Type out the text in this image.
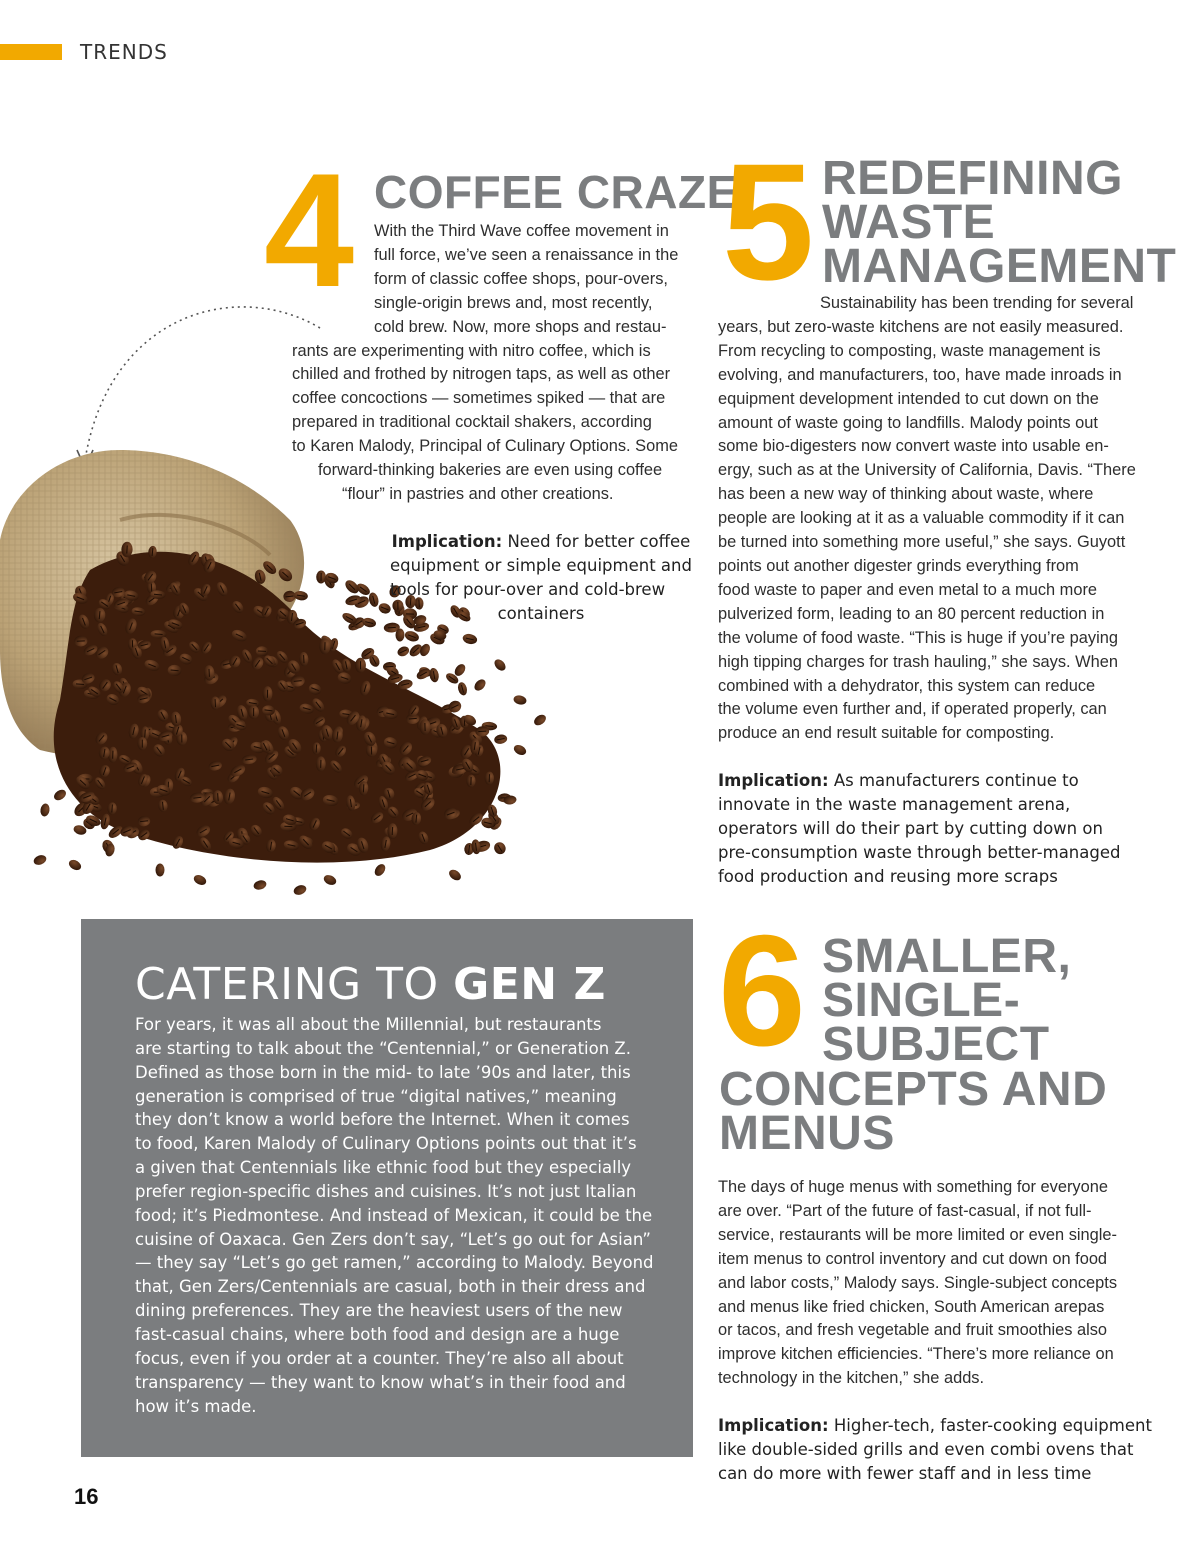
TRENDS
4 COFFEE CRAZE

With the Third Wave coffee movement in

full force, we’ve seen a renaissance in the

form of classic coffee shops, pour-overs,

single-origin brews and, most recently,

cold brew. Now, more shops and restau-

rants are experimenting with nitro coffee, which is

chilled and frothed by nitrogen taps, as well as other

coffee concoctions — sometimes spiked — that are

prepared in traditional cocktail shakers, according

to Karen Malody, Principal of Culinary Options. Some

forward-thinking bakeries are even using coffee

“flour” in pastries and other creations.

Implication: Need for better coffee

equipment or simple equipment and

tools for pour-over and cold-brew

containers

5 REDEFINING
WASTE
MANAGEMENT

Sustainability has been trending for several

years, but zero-waste kitchens are not easily measured.

From recycling to composting, waste management is

evolving, and manufacturers, too, have made inroads in

equipment development intended to cut down on the

amount of waste going to landfills. Malody points out

some bio-digesters now convert waste into usable en-

ergy, such as at the University of California, Davis. “There

has been a new way of thinking about waste, where

people are looking at it as a valuable commodity if it can

be turned into something more useful,” she says. Guyott

points out another digester grinds everything from

food waste to paper and even metal to a much more

pulverized form, leading to an 80 percent reduction in

the volume of food waste. “This is huge if you’re paying

high tipping charges for trash hauling,” she says. When

combined with a dehydrator, this system can reduce

the volume even further and, if operated properly, can

produce an end result suitable for composting.

Implication: As manufacturers continue to

innovate in the waste management arena,

operators will do their part by cutting down on

pre-consumption waste through better-managed

food production and reusing more scraps

CATERING TO GEN Z

For years, it was all about the Millennial, but restaurants

are starting to talk about the “Centennial,” or Generation Z.

Defined as those born in the mid- to late ’90s and later, this

generation is comprised of true “digital natives,” meaning

they don’t know a world before the Internet. When it comes

to food, Karen Malody of Culinary Options points out that it’s

a given that Centennials like ethnic food but they especially

prefer region-specific dishes and cuisines. It’s not just Italian

food; it’s Piedmontese. And instead of Mexican, it could be the

cuisine of Oaxaca. Gen Zers don’t say, “Let’s go out for Asian”

— they say “Let’s go get ramen,” according to Malody. Beyond

that, Gen Zers/Centennials are casual, both in their dress and

dining preferences. They are the heaviest users of the new

fast-casual chains, where both food and design are a huge

focus, even if you order at a counter. They’re also all about

transparency — they want to know what’s in their food and

how it’s made.

6 SMALLER,
SINGLE-
SUBJECT
CONCEPTS AND
MENUS

The days of huge menus with something for everyone

are over. “Part of the future of fast-casual, if not full-

service, restaurants will be more limited or even single-

item menus to control inventory and cut down on food

and labor costs,” Malody says. Single-subject concepts

and menus like fried chicken, South American arepas

or tacos, and fresh vegetable and fruit smoothies also

improve kitchen efficiencies. “There’s more reliance on

technology in the kitchen,” she adds.

Implication: Higher-tech, faster-cooking equipment

like double-sided grills and even combi ovens that

can do more with fewer staff and in less time

16
